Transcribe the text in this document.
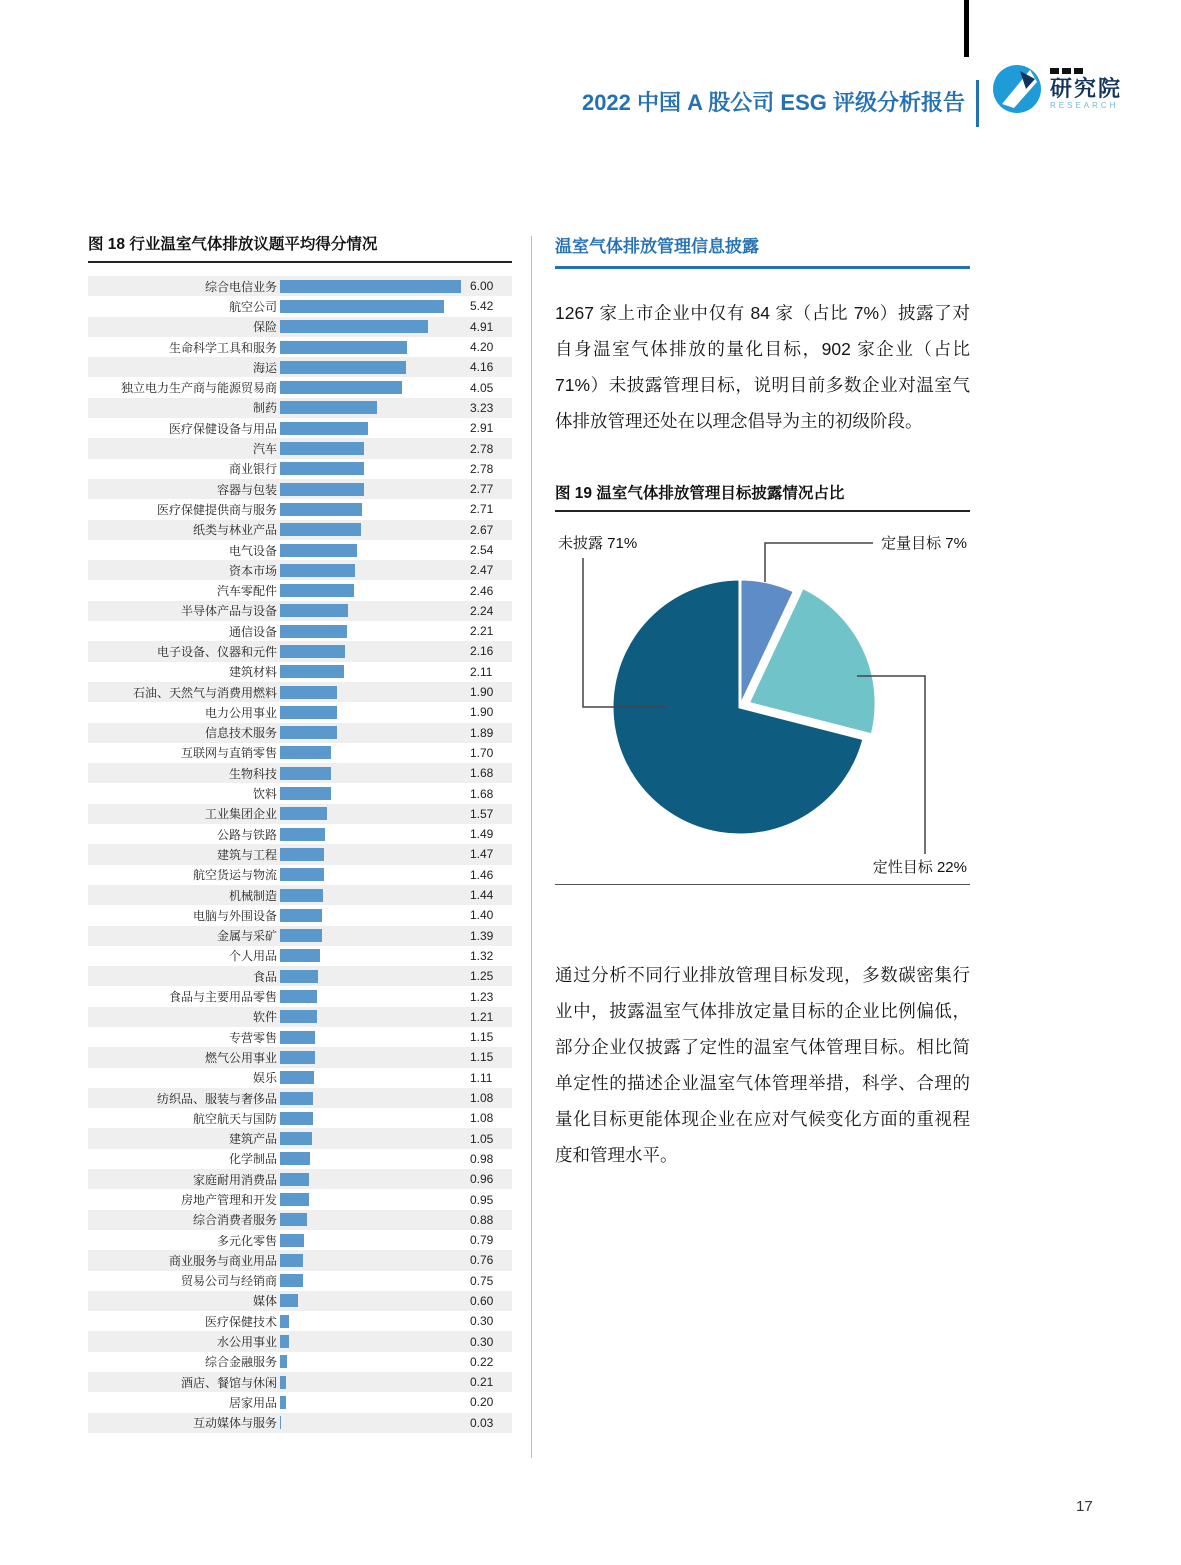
2022 中国 A 股公司 ESG 评级分析报告
研究院
RESEARCH
图 18 行业温室气体排放议题平均得分情况
综合电信业务	6.00
航空公司	5.42
保险	4.91
生命科学工具和服务	4.20
海运	4.16
独立电力生产商与能源贸易商	4.05
制药	3.23
医疗保健设备与用品	2.91
汽车	2.78
商业银行	2.78
容器与包装	2.77
医疗保健提供商与服务	2.71
纸类与林业产品	2.67
电气设备	2.54
资本市场	2.47
汽车零配件	2.46
半导体产品与设备	2.24
通信设备	2.21
电子设备、仪器和元件	2.16
建筑材料	2.11
石油、天然气与消费用燃料	1.90
电力公用事业	1.90
信息技术服务	1.89
互联网与直销零售	1.70
生物科技	1.68
饮料	1.68
工业集团企业	1.57
公路与铁路	1.49
建筑与工程	1.47
航空货运与物流	1.46
机械制造	1.44
电脑与外围设备	1.40
金属与采矿	1.39
个人用品	1.32
食品	1.25
食品与主要用品零售	1.23
软件	1.21
专营零售	1.15
燃气公用事业	1.15
娱乐	1.11
纺织品、服装与奢侈品	1.08
航空航天与国防	1.08
建筑产品	1.05
化学制品	0.98
家庭耐用消费品	0.96
房地产管理和开发	0.95
综合消费者服务	0.88
多元化零售	0.79
商业服务与商业用品	0.76
贸易公司与经销商	0.75
媒体	0.60
医疗保健技术	0.30
水公用事业	0.30
综合金融服务	0.22
酒店、餐馆与休闲	0.21
居家用品	0.20
互动媒体与服务	0.03
温室气体排放管理信息披露

1267 家上市企业中仅有 84 家（占比 7%）披露了对自身温室气体排放的量化目标，902 家企业（占比 71%）未披露管理目标，说明目前多数企业对温室气体排放管理还处在以理念倡导为主的初级阶段。

图 19 温室气体排放管理目标披露情况占比
未披露 71%	定量目标 7%
定性目标 22%

通过分析不同行业排放管理目标发现，多数碳密集行业中，披露温室气体排放定量目标的企业比例偏低，部分企业仅披露了定性的温室气体管理目标。相比简单定性的描述企业温室气体管理举措，科学、合理的量化目标更能体现企业在应对气候变化方面的重视程度和管理水平。

17
